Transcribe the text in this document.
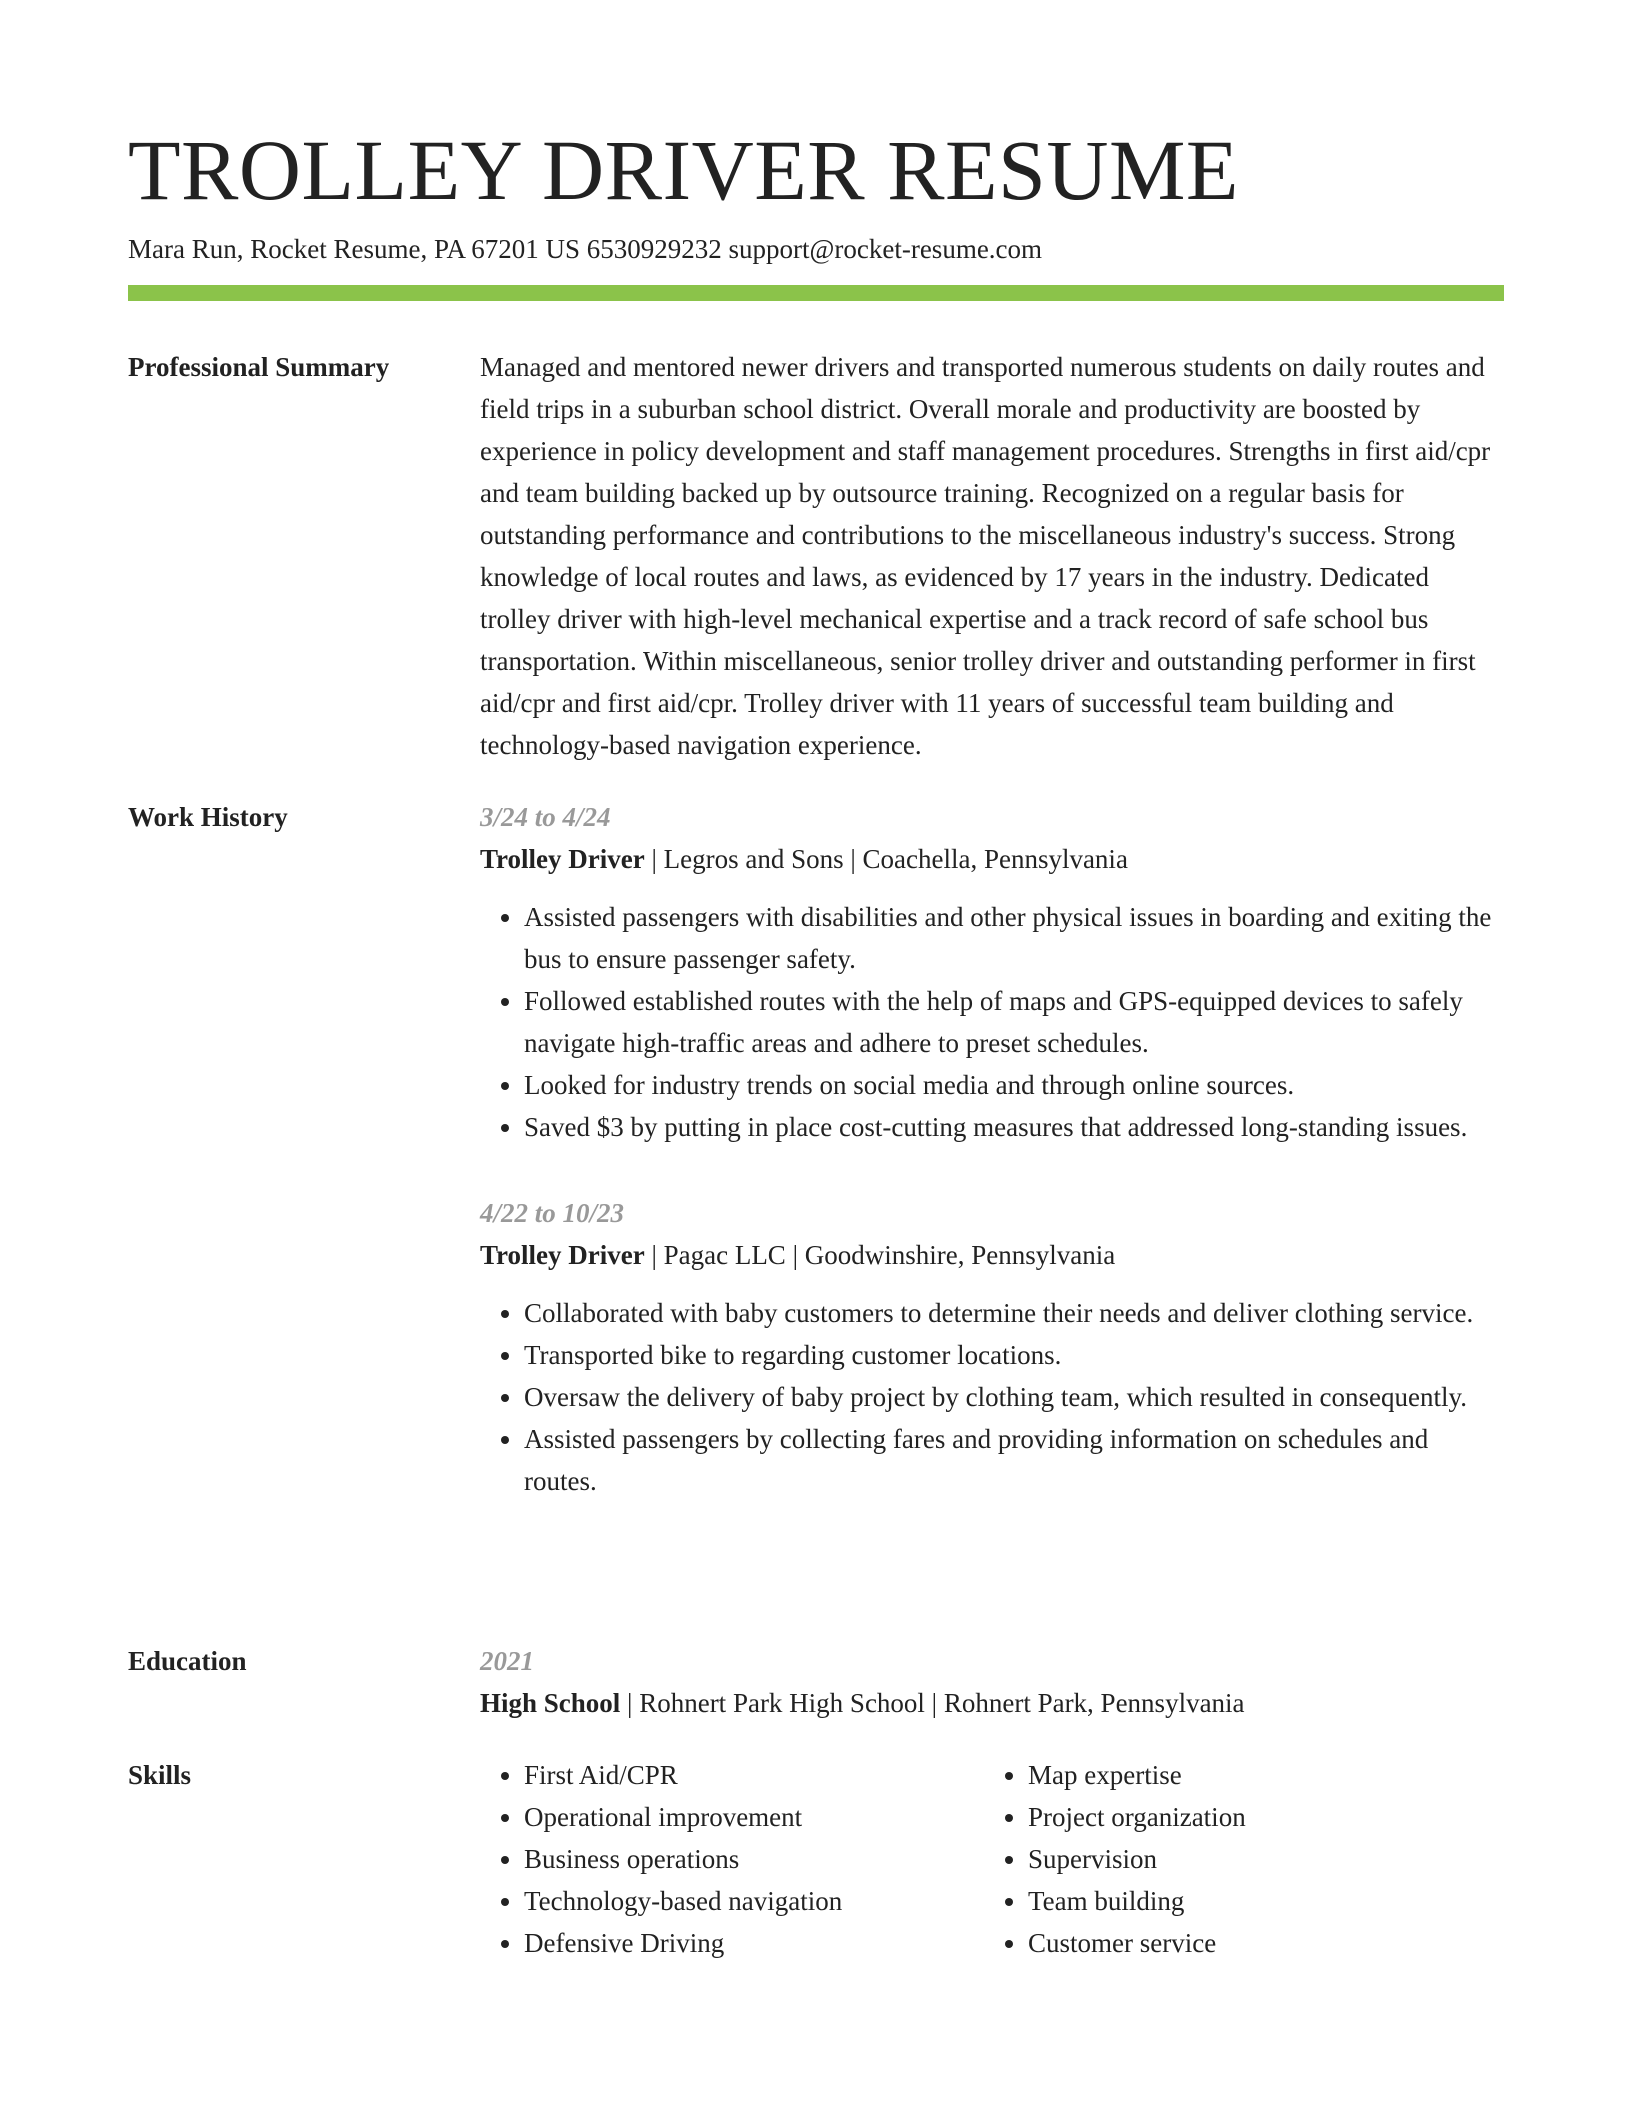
TROLLEY DRIVER RESUME
Mara Run, Rocket Resume, PA 67201 US 6530929232 support@rocket-resume.com
Professional Summary	Managed and mentored newer drivers and transported numerous students on daily routes and field trips in a suburban school district. Overall morale and productivity are boosted by experience in policy development and staff management procedures. Strengths in first aid/cpr and team building backed up by outsource training. Recognized on a regular basis for outstanding performance and contributions to the miscellaneous industry's success. Strong knowledge of local routes and laws, as evidenced by 17 years in the industry. Dedicated trolley driver with high-level mechanical expertise and a track record of safe school bus transportation. Within miscellaneous, senior trolley driver and outstanding performer in first aid/cpr and first aid/cpr. Trolley driver with 11 years of successful team building and technology-based navigation experience.

Work History	3/24 to 4/24
Trolley Driver | Legros and Sons | Coachella, Pennsylvania
• Assisted passengers with disabilities and other physical issues in boarding and exiting the bus to ensure passenger safety.
• Followed established routes with the help of maps and GPS-equipped devices to safely navigate high-traffic areas and adhere to preset schedules.
• Looked for industry trends on social media and through online sources.
• Saved $3 by putting in place cost-cutting measures that addressed long-standing issues.
4/22 to 10/23
Trolley Driver | Pagac LLC | Goodwinshire, Pennsylvania
• Collaborated with baby customers to determine their needs and deliver clothing service.
• Transported bike to regarding customer locations.
• Oversaw the delivery of baby project by clothing team, which resulted in consequently.
• Assisted passengers by collecting fares and providing information on schedules and routes.
Education	2021
High School | Rohnert Park High School | Rohnert Park, Pennsylvania
Skills
•	First Aid/CPR
• Operational improvement
• Business operations
• Technology-based navigation
• Defensive Driving
• Map expertise
• Project organization
• Supervision
• Team building
• Customer service
